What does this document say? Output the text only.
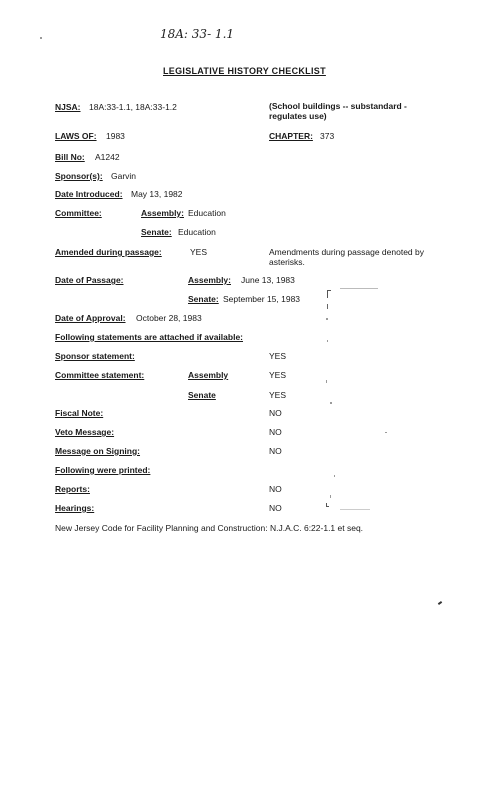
18A: 33- 1.1
LEGISLATIVE HISTORY CHECKLIST
NJSA: 18A:33-1.1, 18A:33-1.2	(School buildings -- substandard - regulates use)
LAWS OF: 1983	CHAPTER: 373
Bill No: A1242
Sponsor(s): Garvin
Date Introduced: May 13, 1982
Committee:	Assembly: Education
Senate: Education
Amended during passage:	YES	Amendments during passage denoted by asterisks.
Date of Passage:	Assembly: June 13, 1983
Senate: September 15, 1983
Date of Approval: October 28, 1983
Following statements are attached if available:
Sponsor statement:	YES
Committee statement:	Assembly	YES
Senate	YES
Fiscal Note:	NO
Veto Message:	NO
Message on Signing:	NO
Following were printed:
Reports:	NO
Hearings:	NO
New Jersey Code for Facility Planning and Construction: N.J.A.C. 6:22-1.1 et seq.
